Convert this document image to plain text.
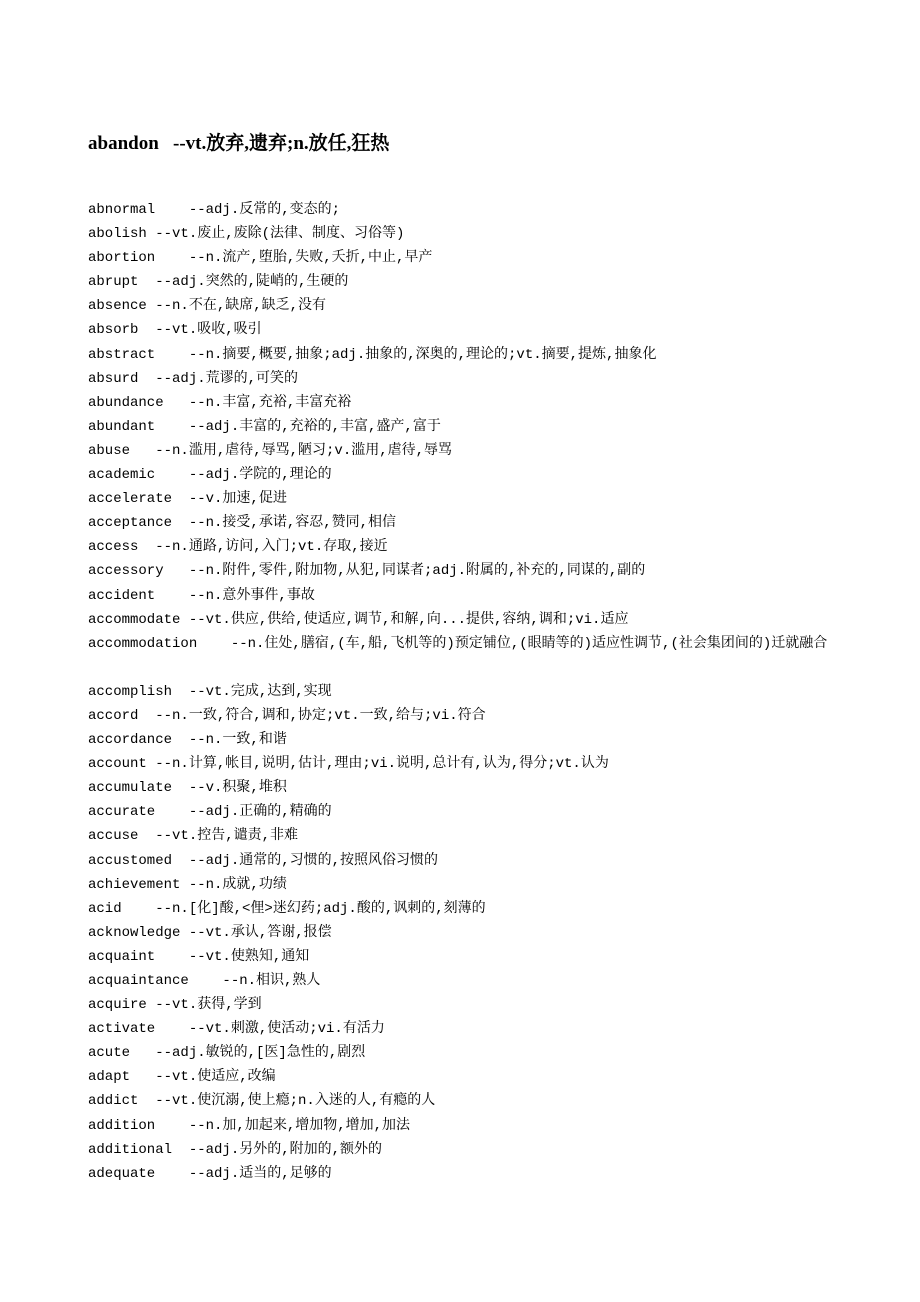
abandon   --vt.放弃,遗弃;n.放任,狂热
abnormal    --adj.反常的,变态的;
abolish --vt.废止,废除(法律、制度、习俗等)
abortion    --n.流产,堕胎,失败,夭折,中止,早产
abrupt  --adj.突然的,陡峭的,生硬的
absence --n.不在,缺席,缺乏,没有
absorb  --vt.吸收,吸引
abstract    --n.摘要,概要,抽象;adj.抽象的,深奥的,理论的;vt.摘要,提炼,抽象化
absurd  --adj.荒谬的,可笑的
abundance   --n.丰富,充裕,丰富充裕
abundant    --adj.丰富的,充裕的,丰富,盛产,富于
abuse   --n.滥用,虐待,辱骂,陋习;v.滥用,虐待,辱骂
academic    --adj.学院的,理论的
accelerate  --v.加速,促进
acceptance  --n.接受,承诺,容忍,赞同,相信
access  --n.通路,访问,入门;vt.存取,接近
accessory   --n.附件,零件,附加物,从犯,同谋者;adj.附属的,补充的,同谋的,副的
accident    --n.意外事件,事故
accommodate --vt.供应,供给,使适应,调节,和解,向...提供,容纳,调和;vi.适应
accommodation    --n.住处,膳宿,(车,船,飞机等的)预定铺位,(眼睛等的)适应性调节,(社会集团间的)迁就融合
accomplish  --vt.完成,达到,实现
accord  --n.一致,符合,调和,协定;vt.一致,给与;vi.符合
accordance  --n.一致,和谐
account --n.计算,帐目,说明,估计,理由;vi.说明,总计有,认为,得分;vt.认为
accumulate  --v.积聚,堆积
accurate    --adj.正确的,精确的
accuse  --vt.控告,谴责,非难
accustomed  --adj.通常的,习惯的,按照风俗习惯的
achievement --n.成就,功绩
acid    --n.[化]酸,<俚>迷幻药;adj.酸的,讽刺的,刻薄的
acknowledge --vt.承认,答谢,报偿
acquaint    --vt.使熟知,通知
acquaintance    --n.相识,熟人
acquire --vt.获得,学到
activate    --vt.刺激,使活动;vi.有活力
acute   --adj.敏锐的,[医]急性的,剧烈
adapt   --vt.使适应,改编
addict  --vt.使沉溺,使上瘾;n.入迷的人,有瘾的人
addition    --n.加,加起来,增加物,增加,加法
additional  --adj.另外的,附加的,额外的
adequate    --adj.适当的,足够的
